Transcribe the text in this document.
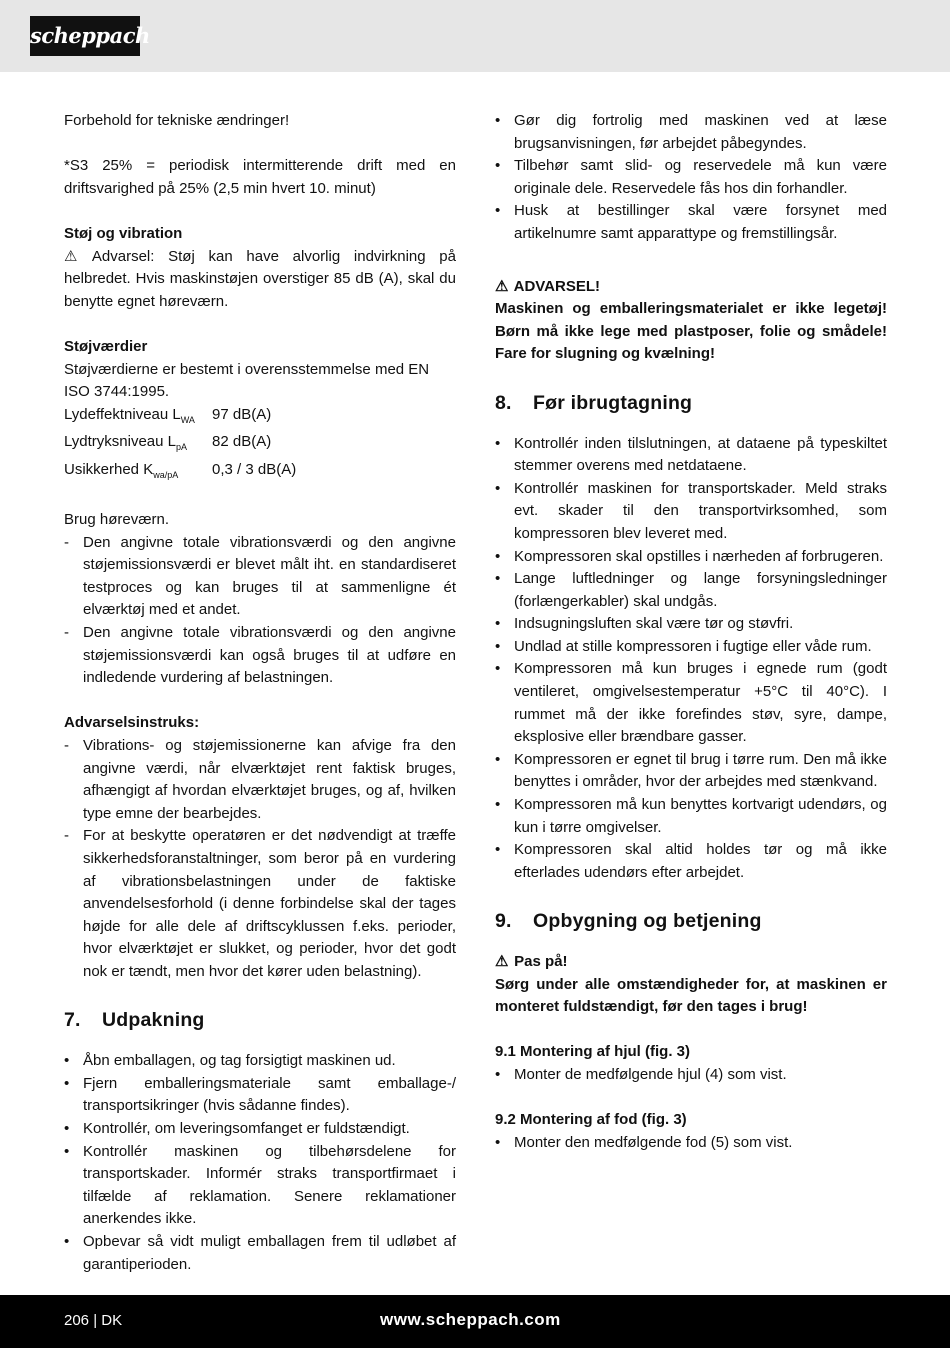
scheppach

Forbehold for tekniske ændringer!

*S3 25% = periodisk intermitterende drift med en driftsvarighed på 25% (2,5 min hvert 10. minut)

Støj og vibration

⚠ Advarsel: Støj kan have alvorlig indvirkning på helbredet. Hvis maskinstøjen overstiger 85 dB (A), skal du benytte egnet høreværn.

Støjværdier

Støjværdierne er bestemt i overensstemmelse med EN ISO 3744:1995.

Lydeffektniveau $L_{WA}$	97 dB(A)
Lydtryksniveau $L_{pA}$	82 dB(A)
Usikkerhed $K_{wa/pA}$	0,3 / 3 dB(A)

Brug høreværn.

- Den angivne totale vibrationsværdi og den angivne støjemissionsværdi er blevet målt iht. en standardiseret testproces og kan bruges til at sammenligne ét elværktøj med et andet.
- Den angivne totale vibrationsværdi og den angivne støjemissionsværdi kan også bruges til at udføre en indledende vurdering af belastningen.

Advarselsinstruks:

- Vibrations- og støjemissionerne kan afvige fra den angivne værdi, når elværktøjet rent faktisk bruges, afhængigt af hvordan elværktøjet bruges, og af, hvilken type emne der bearbejdes.
- For at beskytte operatøren er det nødvendigt at træffe sikkerhedsforanstaltninger, som beror på en vurdering af vibrationsbelastningen under de faktiske anvendelsesforhold (i denne forbindelse skal der tages højde for alle dele af driftscyklussen f.eks. perioder, hvor elværktøjet er slukket, og perioder, hvor det godt nok er tændt, men hvor det kører uden belastning).
7. Udpakning
• Åbn emballagen, og tag forsigtigt maskinen ud.
• Fjern emballeringsmateriale samt emballage-/ transportsikringer (hvis sådanne findes).
• Kontrollér, om leveringsomfanget er fuldstændigt.
• Kontrollér maskinen og tilbehørsdelene for transportskader. Informér straks transportfirmaet i tilfælde af reklamation. Senere reklamationer anerkendes ikke.
• Opbevar så vidt muligt emballagen frem til udløbet af garantiperioden.
• Gør dig fortrolig med maskinen ved at læse brugsanvisningen, før arbejdet påbegyndes.
• Tilbehør samt slid- og reservedele må kun være originale dele. Reservedele fås hos din forhandler.
• Husk at bestillinger skal være forsynet med artikelnumre samt apparattype og fremstillingsår.

⚠ ADVARSEL!

Maskinen og emballeringsmaterialet er ikke legetøj! Børn må ikke lege med plastposer, folie og smådele! Fare for slugning og kvælning!

8. Før ibrugtagning
• Kontrollér inden tilslutningen, at dataene på typeskiltet stemmer overens med netdataene.
• Kontrollér maskinen for transportskader. Meld straks evt. skader til den transportvirksomhed, som kompressoren blev leveret med.
• Kompressoren skal opstilles i nærheden af forbrugeren.
• Lange luftledninger og lange forsyningsledninger (forlængerkabler) skal undgås.
• Indsugningsluften skal være tør og støvfri.
• Undlad at stille kompressoren i fugtige eller våde rum.
• Kompressoren må kun bruges i egnede rum (godt ventileret, omgivelsestemperatur +5°C til 40°C). I rummet må der ikke forefindes støv, syre, dampe, eksplosive eller brændbare gasser.
• Kompressoren er egnet til brug i tørre rum. Den må ikke benyttes i områder, hvor der arbejdes med stænkvand.
• Kompressoren må kun benyttes kortvarigt udendørs, og kun i tørre omgivelser.
• Kompressoren skal altid holdes tør og må ikke efterlades udendørs efter arbejdet.
9. Opbygning og betjening

⚠ Pas på!

Sørg under alle omstændigheder for, at maskinen er monteret fuldstændigt, før den tages i brug!

9.1 Montering af hjul (fig. 3)

• Monter de medfølgende hjul (4) som vist.

9.2 Montering af fod (fig. 3)

• Monter den medfølgende fod (5) som vist.
206 | DK	www.scheppach.com
